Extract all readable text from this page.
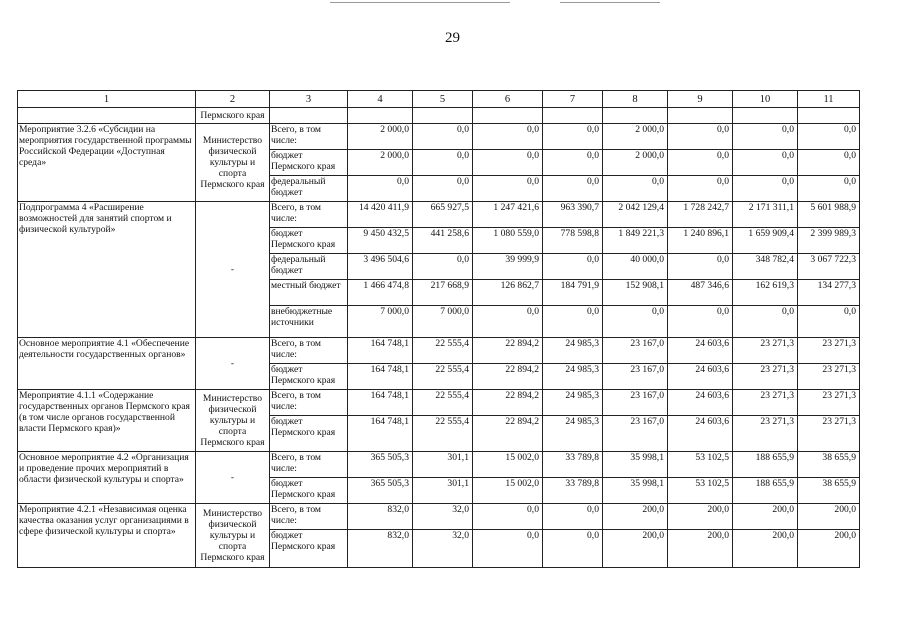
29
1	2	3	4	5	6	7	8	9	10	11
	Пермского края									
Мероприятие 3.2.6 «Субсидии на мероприятия государственной программы Российской Федерации «Доступная среда»	Министерство физической культуры и спорта Пермского края	Всего, в том числе:	2 000,0	0,0	0,0	0,0	2 000,0	0,0	0,0	0,0
		бюджет Пермского края	2 000,0	0,0	0,0	0,0	2 000,0	0,0	0,0	0,0
		федеральный бюджет	0,0	0,0	0,0	0,0	0,0	0,0	0,0	0,0
Подпрограмма 4 «Расширение возможностей для занятий спортом и физической культурой»	-	Всего, в том числе:	14 420 411,9	665 927,5	1 247 421,6	963 390,7	2 042 129,4	1 728 242,7	2 171 311,1	5 601 988,9
		бюджет Пермского края	9 450 432,5	441 258,6	1 080 559,0	778 598,8	1 849 221,3	1 240 896,1	1 659 909,4	2 399 989,3
		федеральный бюджет	3 496 504,6	0,0	39 999,9	0,0	40 000,0	0,0	348 782,4	3 067 722,3
		местный бюджет	1 466 474,8	217 668,9	126 862,7	184 791,9	152 908,1	487 346,6	162 619,3	134 277,3
		внебюджетные источники	7 000,0	7 000,0	0,0	0,0	0,0	0,0	0,0	0,0
Основное мероприятие 4.1 «Обеспечение деятельности государственных органов»	-	Всего, в том числе:	164 748,1	22 555,4	22 894,2	24 985,3	23 167,0	24 603,6	23 271,3	23 271,3
		бюджет Пермского края	164 748,1	22 555,4	22 894,2	24 985,3	23 167,0	24 603,6	23 271,3	23 271,3
Мероприятие 4.1.1 «Содержание государственных органов Пермского края (в том числе органов государственной власти Пермского края)»	Министерство физической культуры и спорта Пермского края	Всего, в том числе:	164 748,1	22 555,4	22 894,2	24 985,3	23 167,0	24 603,6	23 271,3	23 271,3
		бюджет Пермского края	164 748,1	22 555,4	22 894,2	24 985,3	23 167,0	24 603,6	23 271,3	23 271,3
Основное мероприятие 4.2 «Организация и проведение прочих мероприятий в области физической культуры и спорта»	-	Всего, в том числе:	365 505,3	301,1	15 002,0	33 789,8	35 998,1	53 102,5	188 655,9	38 655,9
		бюджет Пермского края	365 505,3	301,1	15 002,0	33 789,8	35 998,1	53 102,5	188 655,9	38 655,9
Мероприятие 4.2.1 «Независимая оценка качества оказания услуг организациями в сфере физической культуры и спорта»	Министерство физической культуры и спорта Пермского края	Всего, в том числе:	832,0	32,0	0,0	0,0	200,0	200,0	200,0	200,0
		бюджет Пермского края	832,0	32,0	0,0	0,0	200,0	200,0	200,0	200,0
